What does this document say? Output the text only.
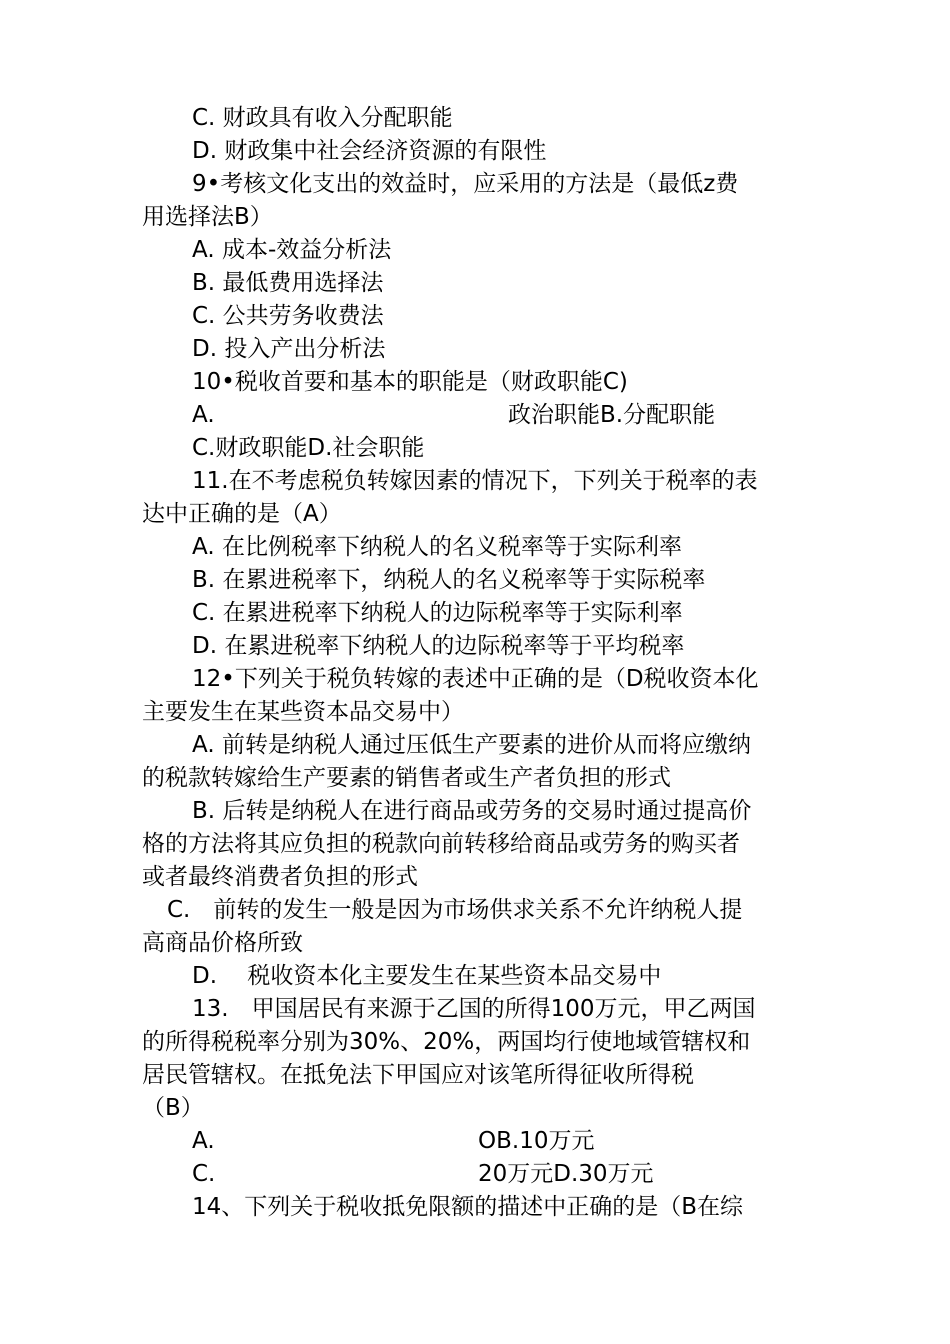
C. 财政具有收入分配职能
D. 财政集中社会经济资源的有限性
9•考核文化支出的效益时，应采用的方法是（最低z费
用选择法B）
A. 成本-效益分析法
B. 最低费用选择法
C. 公共劳务收费法
D. 投入产出分析法
10•税收首要和基本的职能是（财政职能C)
A.	政治职能B.分配职能
C.财政职能D.社会职能
11.在不考虑税负转嫁因素的情况下，下列关于税率的表
达中正确的是（A）
A. 在比例税率下纳税人的名义税率等于实际利率
B. 在累进税率下，纳税人的名义税率等于实际税率
C. 在累进税率下纳税人的边际税率等于实际利率
D. 在累进税率下纳税人的边际税率等于平均税率
12•下列关于税负转嫁的表述中正确的是（D税收资本化
主要发生在某些资本品交易中）
A. 前转是纳税人通过压低生产要素的进价从而将应缴纳
的税款转嫁给生产要素的销售者或生产者负担的形式
B. 后转是纳税人在进行商品或劳务的交易时通过提高价
格的方法将其应负担的税款向前转移给商品或劳务的购买者
或者最终消费者负担的形式
C.　前转的发生一般是因为市场供求关系不允许纳税人提
高商品价格所致
D.　 税收资本化主要发生在某些资本品交易中
13.　甲国居民有来源于乙国的所得100万元，甲乙两国
的所得税税率分别为30%、20%，两国均行使地域管辖权和
居民管辖权。在抵免法下甲国应对该笔所得征收所得税
（B）
A.	OB.10万元
C.	20万元D.30万元
14、下列关于税收抵免限额的描述中正确的是（B在综
